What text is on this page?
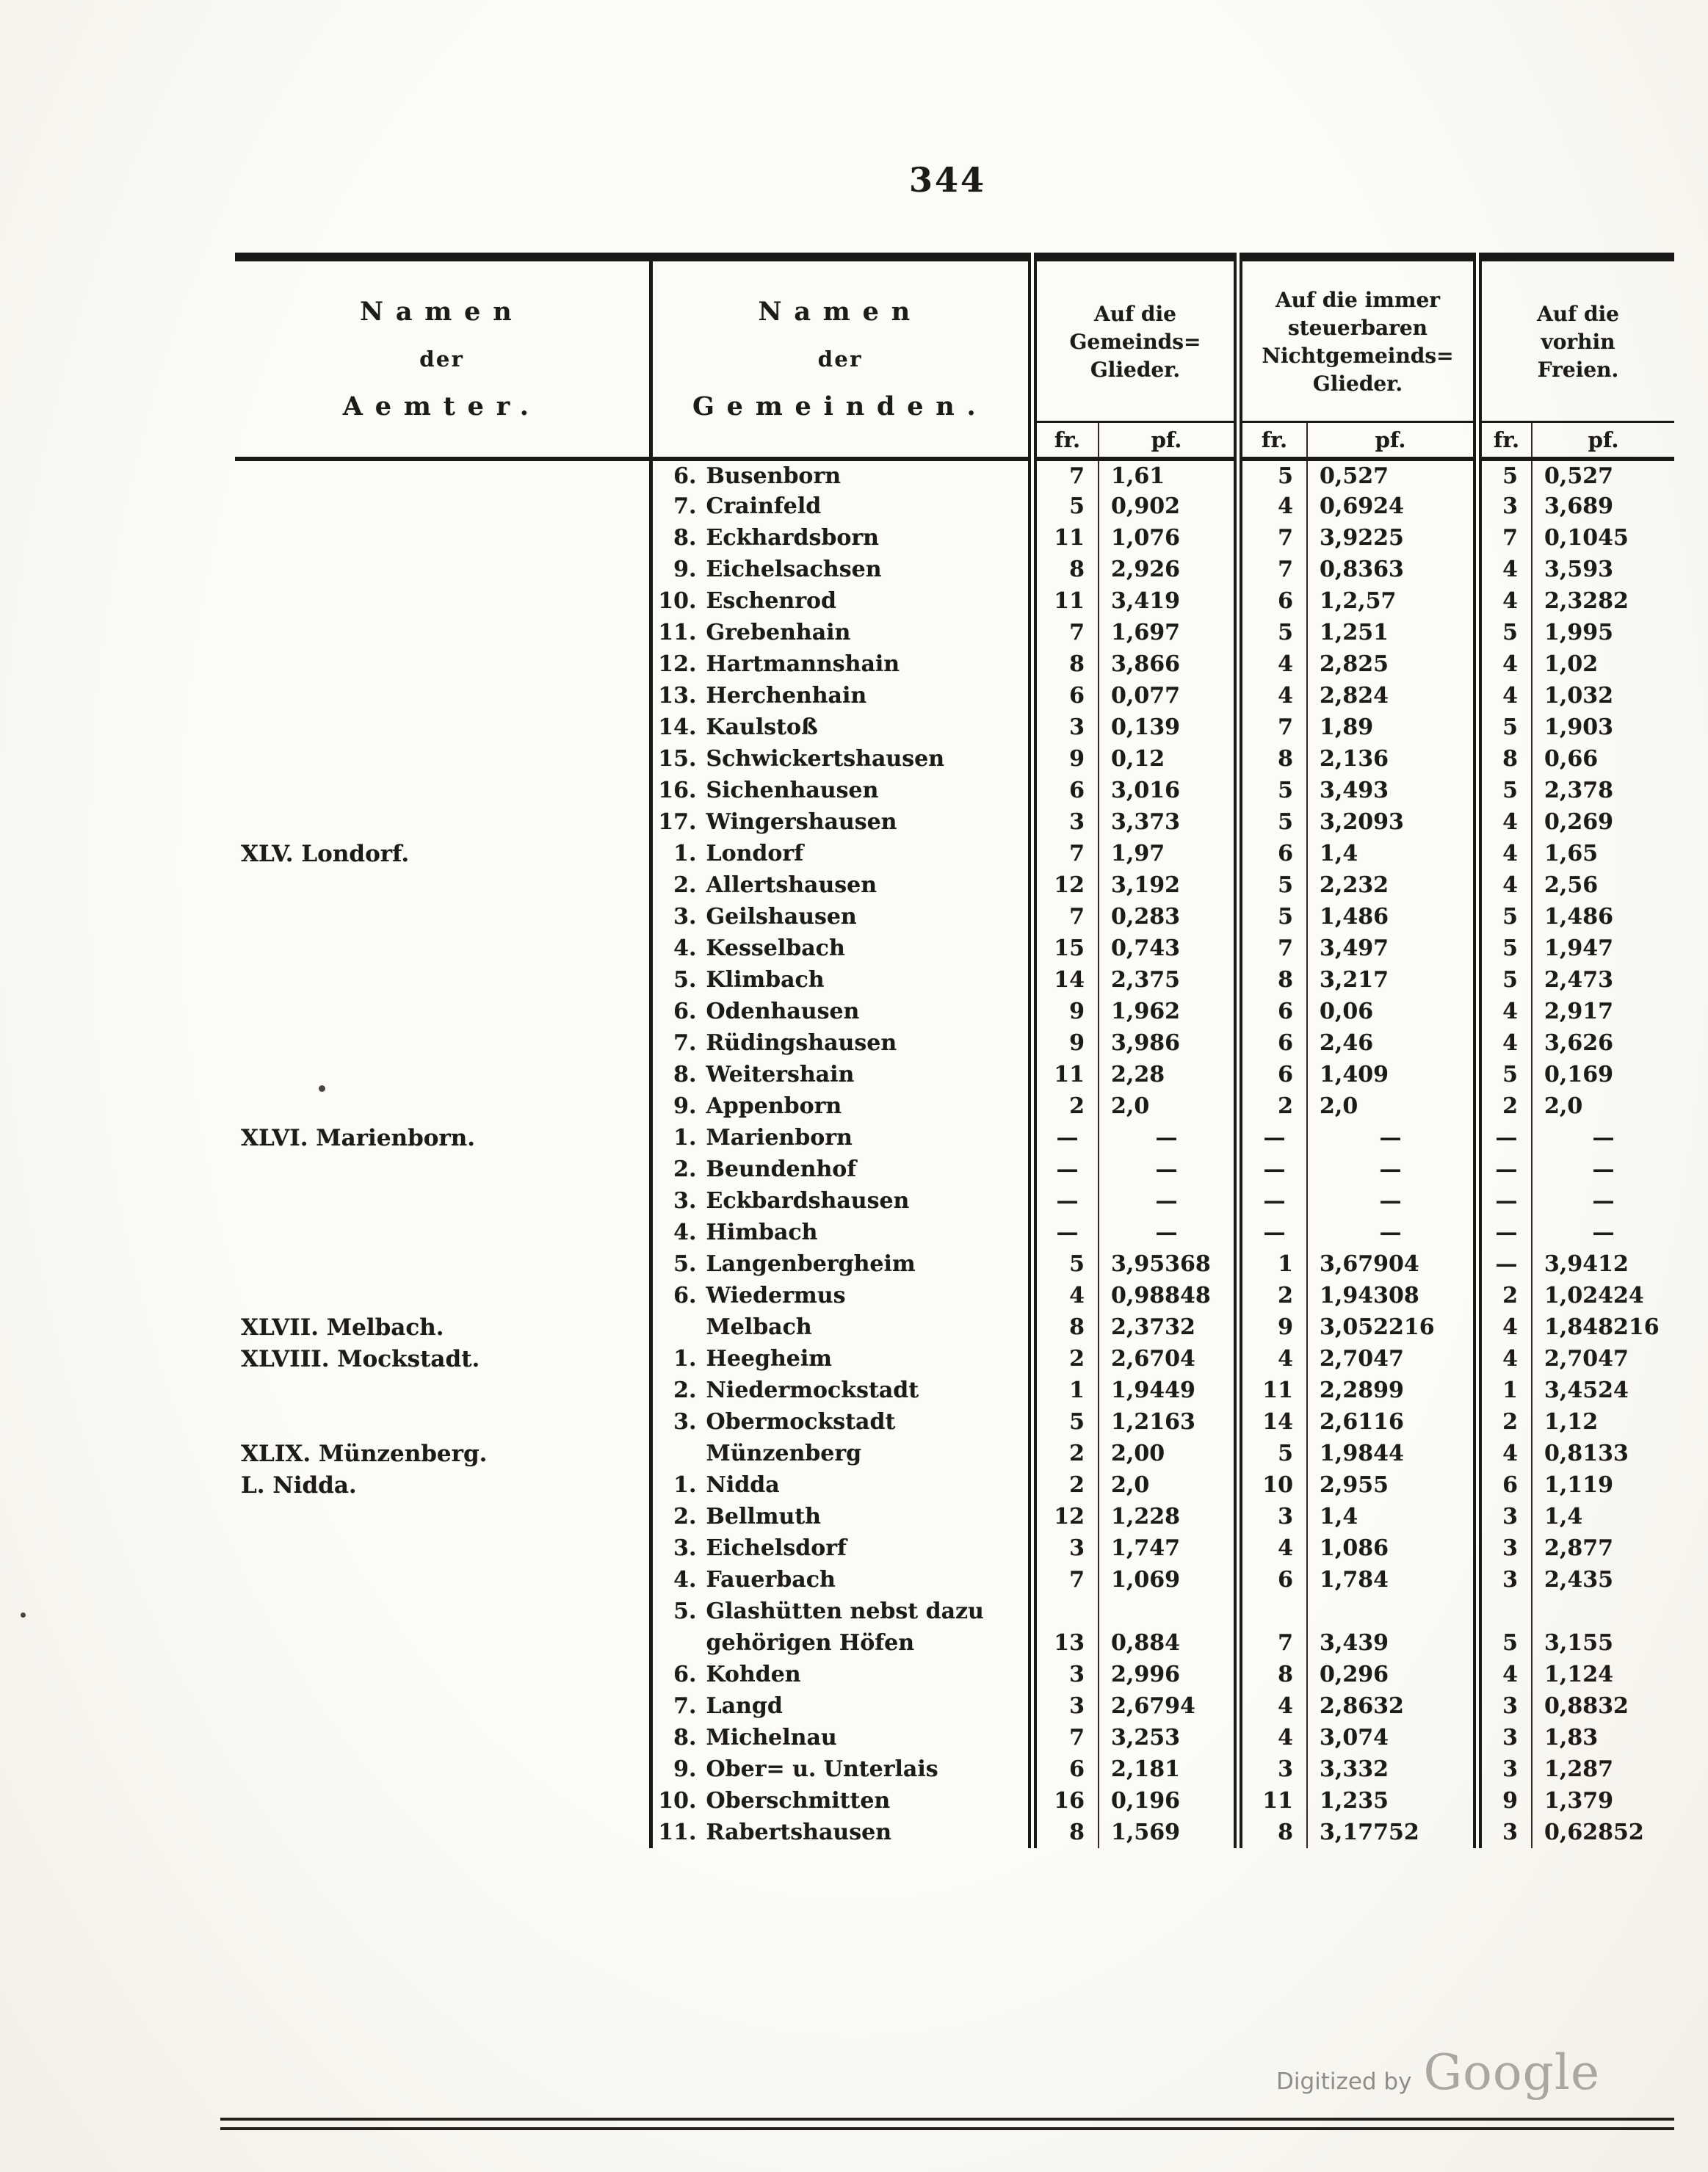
344
Namen
der
Aemter.

Namen
der
Gemeinden.

Auf die
Gemeinds=
Glieder.

Auf die immer
steuerbaren
Nichtgemeinds=
Glieder.

Auf die
vorhin
Freien.

		fr.	pf.	fr.	pf.	fr.	pf.
	6. Busenborn	7	1,61	5	0,527	5	0,527
	7. Crainfeld	5	0,902	4	0,6924	3	3,689
	8. Eckhardsborn	11	1,076	7	3,9225	7	0,1045
	9. Eichelsachsen	8	2,926	7	0,8363	4	3,593
	10. Eschenrod	11	3,419	6	1,2,57	4	2,3282
	11. Grebenhain	7	1,697	5	1,251	5	1,995
	12. Hartmannshain	8	3,866	4	2,825	4	1,02
	13. Herchenhain	6	0,077	4	2,824	4	1,032
	14. Kaulstoß	3	0,139	7	1,89	5	1,903
	15. Schwickertshausen	9	0,12	8	2,136	8	0,66
	16. Sichenhausen	6	3,016	5	3,493	5	2,378
	17. Wingershausen	3	3,373	5	3,2093	4	0,269
XLV. Londorf.	1. Londorf	7	1,97	6	1,4	4	1,65
	2. Allertshausen	12	3,192	5	2,232	4	2,56
	3. Geilshausen	7	0,283	5	1,486	5	1,486
	4. Kesselbach	15	0,743	7	3,497	5	1,947
	5. Klimbach	14	2,375	8	3,217	5	2,473
	6. Odenhausen	9	1,962	6	0,06	4	2,917
	7. Rüdingshausen	9	3,986	6	2,46	4	3,626
	8. Weitershain	11	2,28	6	1,409	5	0,169
	9. Appenborn	2	2,0	2	2,0	2	2,0
XLVI. Marienborn.	1. Marienborn	—	—	—	—	—	—
	2. Beundenhof	—	—	—	—	—	—
	3. Eckbardshausen	—	—	—	—	—	—
	4. Himbach	—	—	—	—	—	—
	5. Langenbergheim	5	3,95368	1	3,67904	—	3,9412
	6. Wiedermus	4	0,98848	2	1,94308	2	1,02424
XLVII. Melbach.	Melbach	8	2,3732	9	3,052216	4	1,848216
XLVIII. Mockstadt.	1. Heegheim	2	2,6704	4	2,7047	4	2,7047
	2. Niedermockstadt	1	1,9449	11	2,2899	1	3,4524
	3. Obermockstadt	5	1,2163	14	2,6116	2	1,12
XLIX. Münzenberg.	Münzenberg	2	2,00	5	1,9844	4	0,8133
L. Nidda.	1. Nidda	2	2,0	10	2,955	6	1,119
	2. Bellmuth	12	1,228	3	1,4	3	1,4
	3. Eichelsdorf	3	1,747	4	1,086	3	2,877
	4. Fauerbach	7	1,069	6	1,784	3	2,435
	5. Glashütten nebst dazu						
	gehörigen Höfen	13	0,884	7	3,439	5	3,155
	6. Kohden	3	2,996	8	0,296	4	1,124
	7. Langd	3	2,6794	4	2,8632	3	0,8832
	8. Michelnau	7	3,253	4	3,074	3	1,83
	9. Ober= u. Unterlais	6	2,181	3	3,332	3	1,287
	10. Oberschmitten	16	0,196	11	1,235	9	1,379
	11. Rabertshausen	8	1,569	8	3,17752	3	0,62852
Digitized by Google
